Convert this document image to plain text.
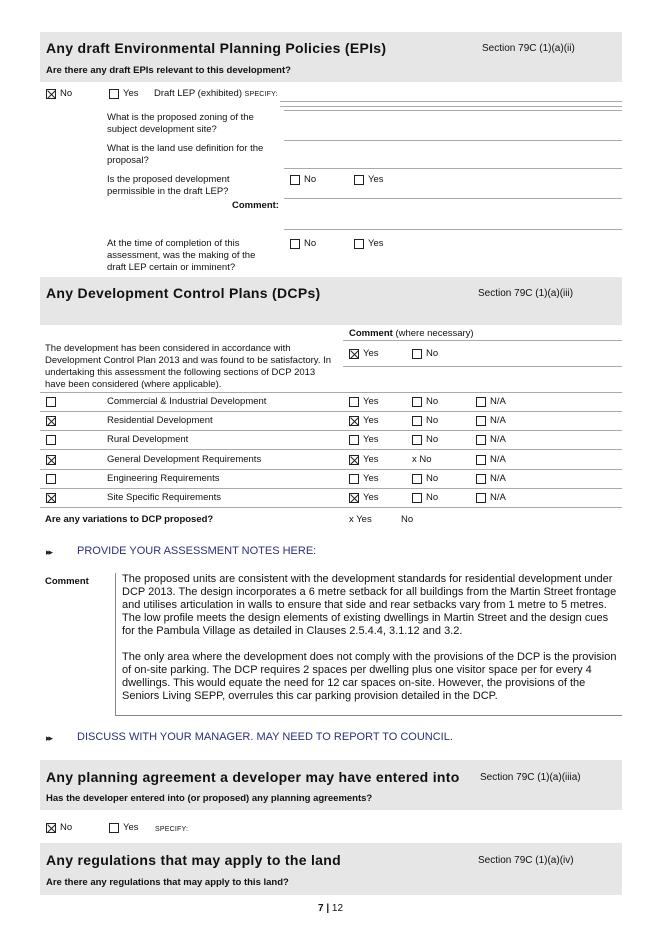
Any draft Environmental Planning Policies (EPIs)	Section 79C (1)(a)(ii)
Are there any draft EPIs relevant to this development?
No	Yes Draft LEP (exhibited) SPECIFY:
What is the proposed zoning of the subject development site?
What is the land use definition for the proposal?
Is the proposed development permissible in the draft LEP?
No	Yes
Comment:
At the time of completion of this assessment, was the making of the draft LEP certain or imminent?
No	Yes
Any Development Control Plans (DCPs)	Section 79C (1)(a)(iii)
Comment (where necessary)
The development has been considered in accordance with Development Control Plan 2013 and was found to be satisfactory. In undertaking this assessment the following sections of DCP 2013 have been considered (where applicable).
Yes	No
Commercial & Industrial Development	Yes	No	N/A
Residential Development	Yes	No	N/A
Rural Development	Yes	No	N/A
General Development Requirements	Yes	x No	N/A
Engineering Requirements	Yes	No	N/A
Site Specific Requirements	Yes	No	N/A
Are any variations to DCP proposed?	x Yes	No
▸▸ PROVIDE YOUR ASSESSMENT NOTES HERE:
Comment	The proposed units are consistent with the development standards for residential development under DCP 2013. The design incorporates a 6 metre setback for all buildings from the Martin Street frontage and utilises articulation in walls to ensure that side and rear setbacks vary from 1 metre to 5 metres. The low profile meets the design elements of existing dwellings in Martin Street and the design cues for the Pambula Village as detailed in Clauses 2.5.4.4, 3.1.12 and 3.2.

The only area where the development does not comply with the provisions of the DCP is the provision of on-site parking. The DCP requires 2 spaces per dwelling plus one visitor space per for every 4 dwellings. This would equate the need for 12 car spaces on-site. However, the provisions of the Seniors Living SEPP, overrules this car parking provision detailed in the DCP.

▸▸ DISCUSS WITH YOUR MANAGER. MAY NEED TO REPORT TO COUNCIL.
Any planning agreement a developer may have entered into Section 79C (1)(a)(iiia)
Has the developer entered into (or proposed) any planning agreements?
No	Yes SPECIFY:
Any regulations that may apply to the land	Section 79C (1)(a)(iv)
Are there any regulations that may apply to this land?
7 | 12
